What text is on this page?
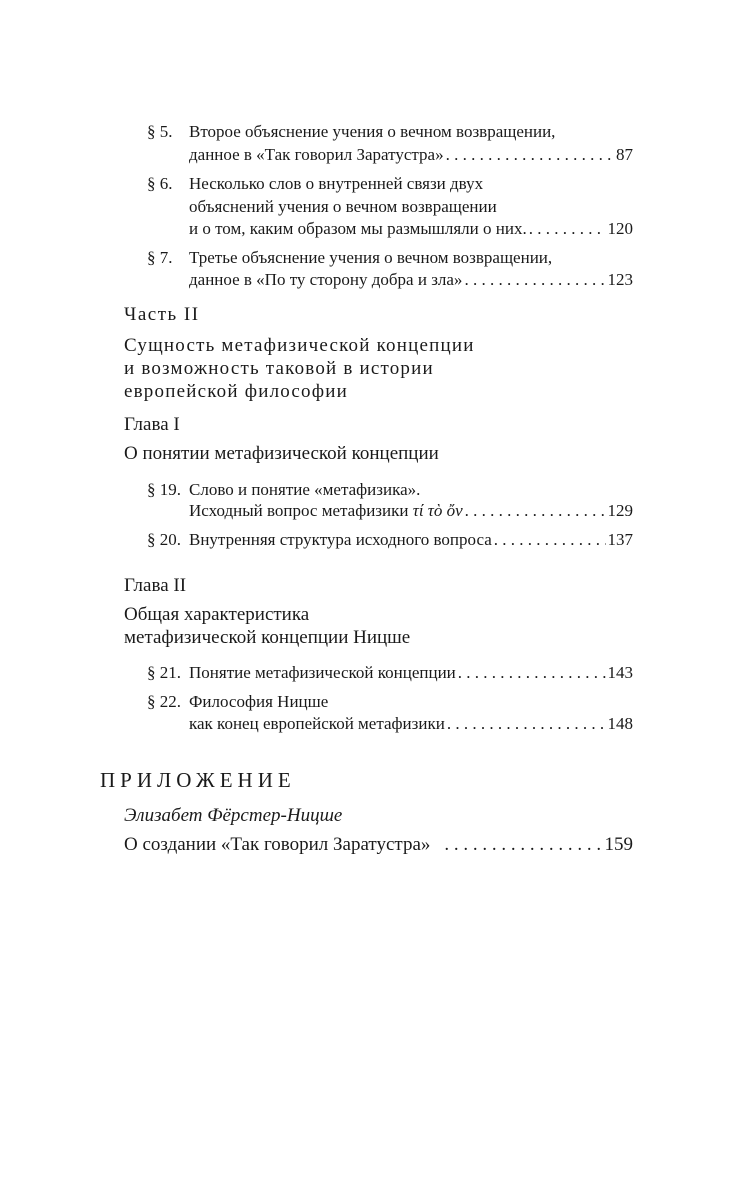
§ 5. Второе объяснение учения о вечном возвращении,
данное в «Так говорил Заратустра» . . .	87
§ 6. Несколько слов о внутренней связи двух
объяснений учения о вечном возвращении
и о том, каким образом мы размышляли о них. . . .	120
§ 7. Третье объяснение учения о вечном возвращении,
данное в «По ту сторону добра и зла» . . .	123
Часть II
Сущность метафизической концепции
и возможность таковой в истории
европейской философии
Глава I
О понятии метафизической концепции
§ 19. Слово и понятие «метафизика».
Исходный вопрос метафизики τί τὸ ὄν . . .	129
§ 20. Внутренняя структура исходного вопроса . . .	137
Глава II
Общая характеристика
метафизической концепции Ницше
§ 21. Понятие метафизической концепции . . .	143
§ 22. Философия Ницше
как конец европейской метафизики . . .	148
ПРИЛОЖЕНИЕ
Элизабет Фёрстер-Ницше
О создании «Так говорил Заратустра» . . .	159
